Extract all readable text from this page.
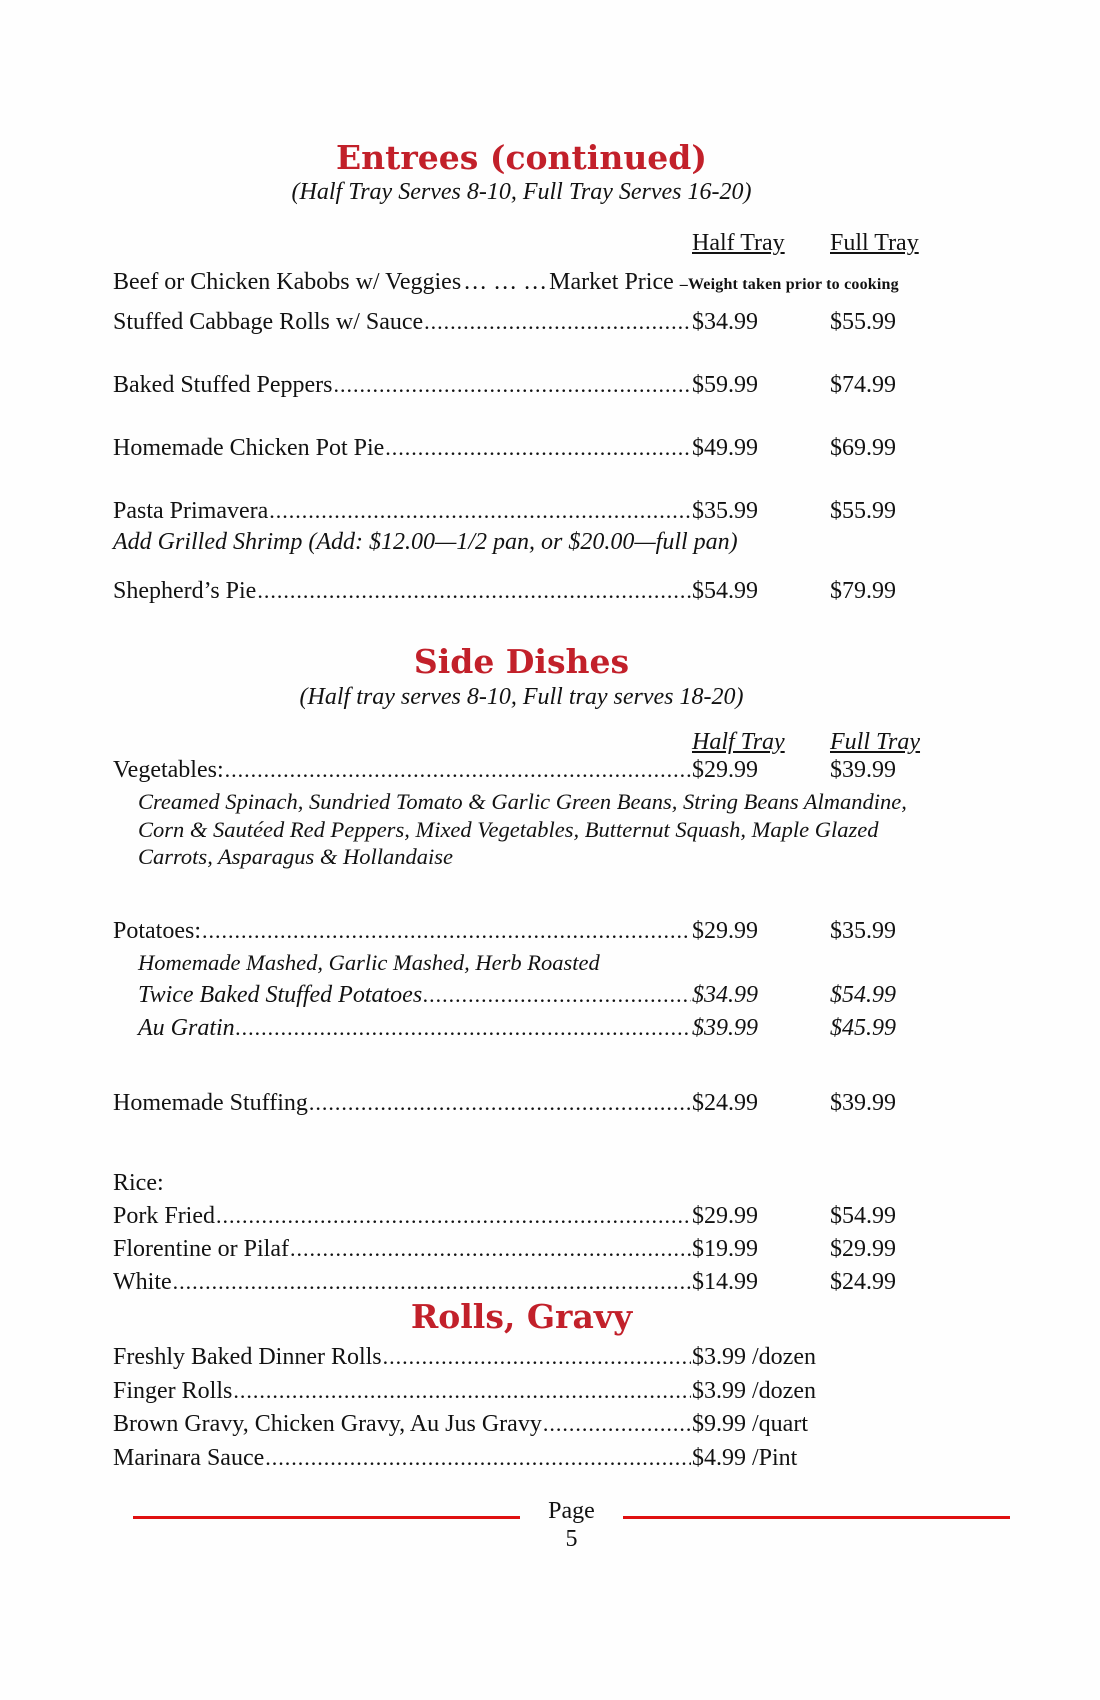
Entrees (continued)
(Half Tray Serves 8-10, Full Tray Serves 16-20)
Half Tray	Full Tray
Beef or Chicken Kabobs w/ Veggies … … … Market Price –Weight taken prior to cooking
Stuffed Cabbage Rolls w/ Sauce .....	$34.99	$55.99
Baked Stuffed Peppers .....	$59.99	$74.99
Homemade Chicken Pot Pie .....	$49.99	$69.99
Pasta Primavera .....	$35.99	$55.99
Add Grilled Shrimp (Add: $12.00—1/2 pan, or $20.00—full pan)
Shepherd’s Pie .....	$54.99	$79.99
Side Dishes
(Half tray serves 8-10, Full tray serves 18-20)
Half Tray	Full Tray
Vegetables: .....	$29.99	$39.99
Creamed Spinach, Sundried Tomato & Garlic Green Beans, String Beans Almandine, Corn & Sautéed Red Peppers, Mixed Vegetables, Butternut Squash, Maple Glazed Carrots, Asparagus & Hollandaise
Potatoes: .....	$29.99	$35.99
Homemade Mashed, Garlic Mashed, Herb Roasted
Twice Baked Stuffed Potatoes .....	$34.99	$54.99
Au Gratin .....	$39.99	$45.99
Homemade Stuffing .....	$24.99	$39.99
Rice:
Pork Fried .....	$29.99	$54.99
Florentine or Pilaf .....	$19.99	$29.99
White .....	$14.99	$24.99
Rolls, Gravy
Freshly Baked Dinner Rolls .....	$3.99 /dozen
Finger Rolls .....	$3.99 /dozen
Brown Gravy, Chicken Gravy, Au Jus Gravy .....	$9.99 /quart
Marinara Sauce .....	$4.99 /Pint
Page
5
